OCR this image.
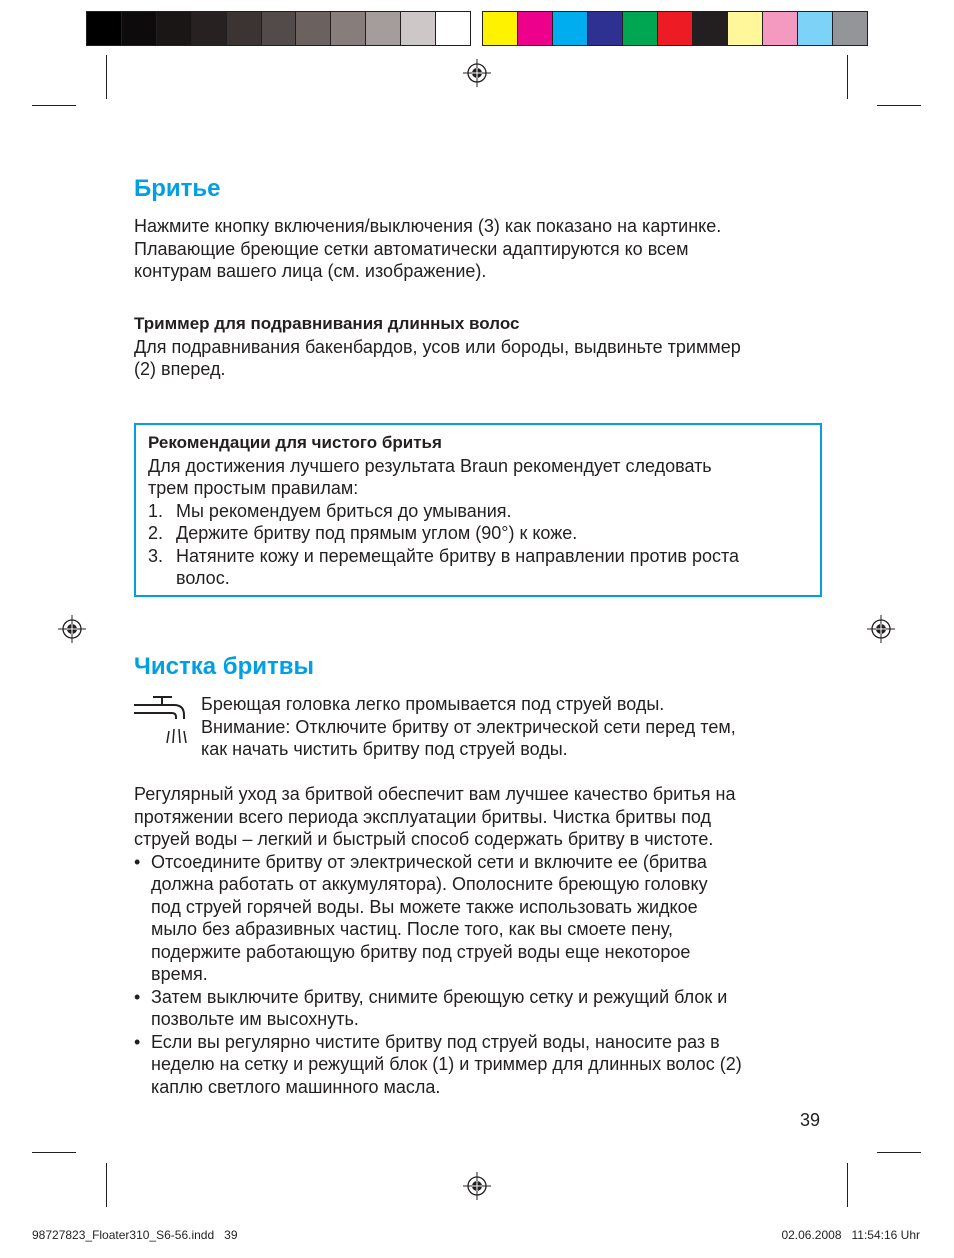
Бритье
Нажмите кнопку включения/выключения (3) как показано на картинке.
Плавающие бреющие сетки автоматически адаптируются ко всем
контурам вашего лица (см. изображение).
Триммер для подравнивания длинных волос
Для подравнивания бакенбардов, усов или бороды, выдвиньте триммер
(2) вперед.
Рекомендации для чистого бритья
Для достижения лучшего результата Braun рекомендует следовать
трем простым правилам:
1. Мы рекомендуем бриться до умывания.
2. Держите бритву под прямым углом (90°) к коже.
3. Натяните кожу и перемещайте бритву в направлении против роста
волос.
Чистка бритвы
Бреющая головка легко промывается под струей воды.
Внимание: Отключите бритву от электрической сети перед тем,
как начать чистить бритву под струей воды.
Регулярный уход за бритвой обеспечит вам лучшее качество бритья на
протяжении всего периода эксплуатации бритвы. Чистка бритвы под
струей воды – легкий и быстрый способ содержать бритву в чистоте.
• Отсоедините бритву от электрической сети и включите ее (бритва
должна работать от аккумулятора). Ополосните бреющую головку
под струей горячей воды. Вы можете также использовать жидкое
мыло без абразивных частиц. После того, как вы смоете пену,
подержите работающую бритву под струей воды еще некоторое
время.
• Затем выключите бритву, снимите бреющую сетку и режущий блок и
позвольте им высохнуть.
• Если вы регулярно чистите бритву под струей воды, наносите раз в
неделю на сетку и режущий блок (1) и триммер для длинных волос (2)
каплю светлого машинного масла.
39
98727823_Floater310_S6-56.indd   39	02.06.2008   11:54:16 Uhr
